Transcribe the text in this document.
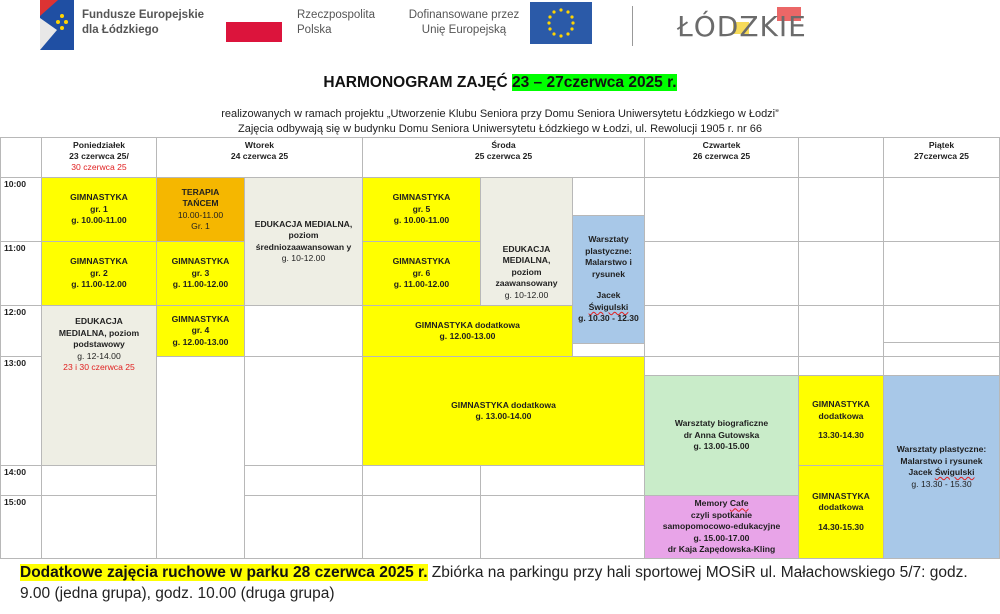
Fundusze Europejskie
dla Łódzkiego
Rzeczpospolita
Polska
Dofinansowane przez
Unię Europejską	ŁÓDZKIE
HARMONOGRAM ZAJĘĆ 23 – 27czerwca 2025 r.
realizowanych w ramach projektu „Utworzenie Klubu Seniora przy Domu Seniora Uniwersytetu Łódzkiego w Łodzi”
Zajęcia odbywają się w budynku Domu Seniora Uniwersytetu Łódzkiego w Łodzi, ul. Rewolucji 1905 r. nr 66
Poniedziałek
23 czerwca 25/
30 czerwca 25
Wtorek
24 czerwca 25
Środa
25 czerwca 25
Czwartek
26 czerwca 25
Piątek
27czerwca 25
10:00
11:00
12:00
13:00
14:00
15:00
GIMNASTYKA
gr. 1
g. 10.00-11.00
GIMNASTYKA
gr. 2
g. 11.00-12.00
EDUKACJA MEDIALNA, poziom podstawowy
g. 12-14.00
23 i 30 czerwca 25
TERAPIA TAŃCEM
10.00-11.00
Gr. 1
GIMNASTYKA
gr. 3
g. 11.00-12.00
GIMNASTYKA
gr. 4
g. 12.00-13.00
EDUKACJA MEDIALNA, poziom średniozaawansowan y
g. 10-12.00
GIMNASTYKA
gr. 5
g. 10.00-11.00
GIMNASTYKA
gr. 6
g. 11.00-12.00
EDUKACJA MEDIALNA, poziom zaawansowany
g. 10-12.00
Warsztaty plastyczne: Malarstwo i rysunek
Jacek
Świgulski
g. 10.30 - 12.30
GIMNASTYKA dodatkowa
g. 12.00-13.00
GIMNASTYKA dodatkowa
g. 13.00-14.00
Warsztaty biograficzne
dr Anna Gutowska
g. 13.00-15.00
Memory Cafe
czyli spotkanie
samopomocowo-edukacyjne
g. 15.00-17.00
dr Kaja Zapędowska-Kling
GIMNASTYKA dodatkowa
13.30-14.30
GIMNASTYKA dodatkowa
14.30-15.30
Warsztaty plastyczne: Malarstwo i rysunek
Jacek Świgulski
g. 13.30 - 15.30
Dodatkowe zajęcia ruchowe w parku 28 czerwca 2025 r. Zbiórka na parkingu przy hali sportowej MOSiR ul. Małachowskiego 5/7: godz. 9.00 (jedna grupa), godz. 10.00 (druga grupa)
